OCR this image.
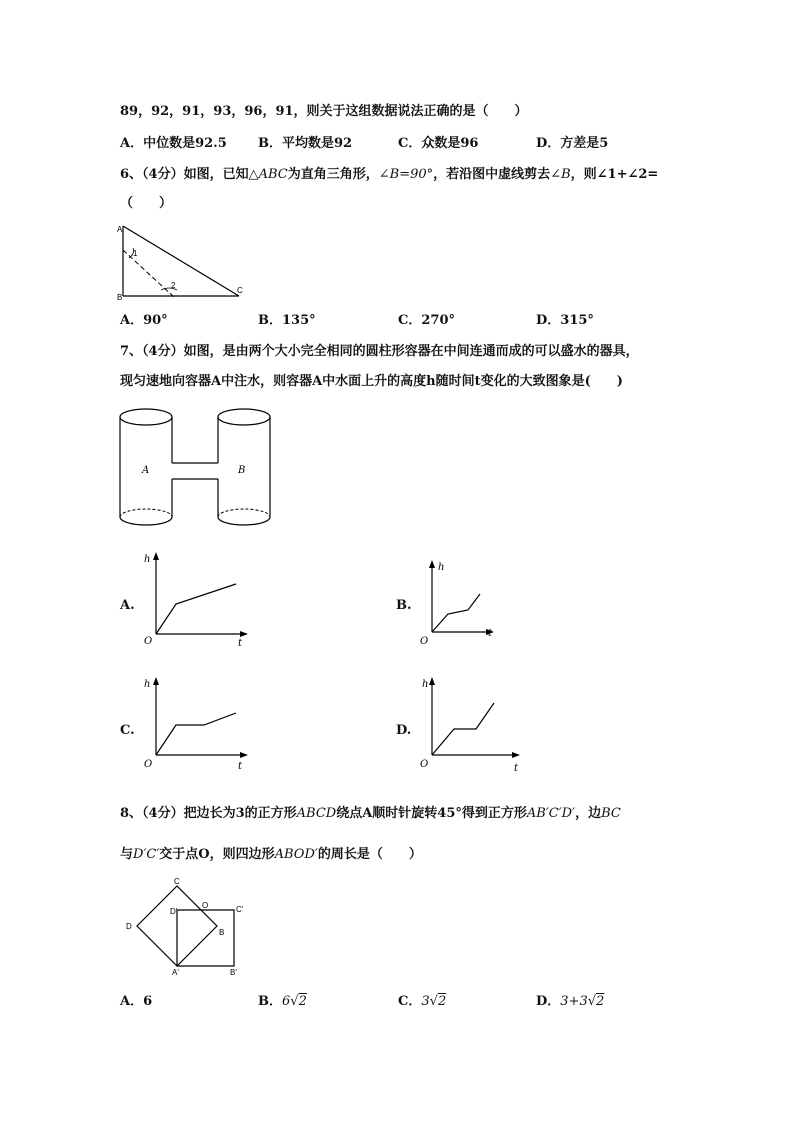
89，92，91，93，96，91，则关于这组数据说法正确的是（　　）
A．中位数是92.5 B．平均数是92	C．众数是96	D．方差是5
6、（4分）如图，已知△ABC为直角三角形，∠B=90°，若沿图中虚线剪去∠B，则∠1+∠2=
（　　）
A
B
C
1
2
A．90°	B．135°	C．270°	D．315°
7、（4分）如图，是由两个大小完全相同的圆柱形容器在中间连通而成的可以盛水的器具，
现匀速地向容器A中注水，则容器A中水面上升的高度h随时间t变化的大致图象是(　　)
A	B
A.
h
t
O
B.
h
t
O
C.
h
t
O
D.
h
t
O
8、（4分）把边长为3的正方形ABCD绕点A顺时针旋转45°得到正方形AB′C′D′，边BC
与D′C′交于点O，则四边形ABOD′的周长是（　　）
C
D'
O	C'
D
B
A'	B'
A．6	B．6√2	C．3√2	D．3+3√2
